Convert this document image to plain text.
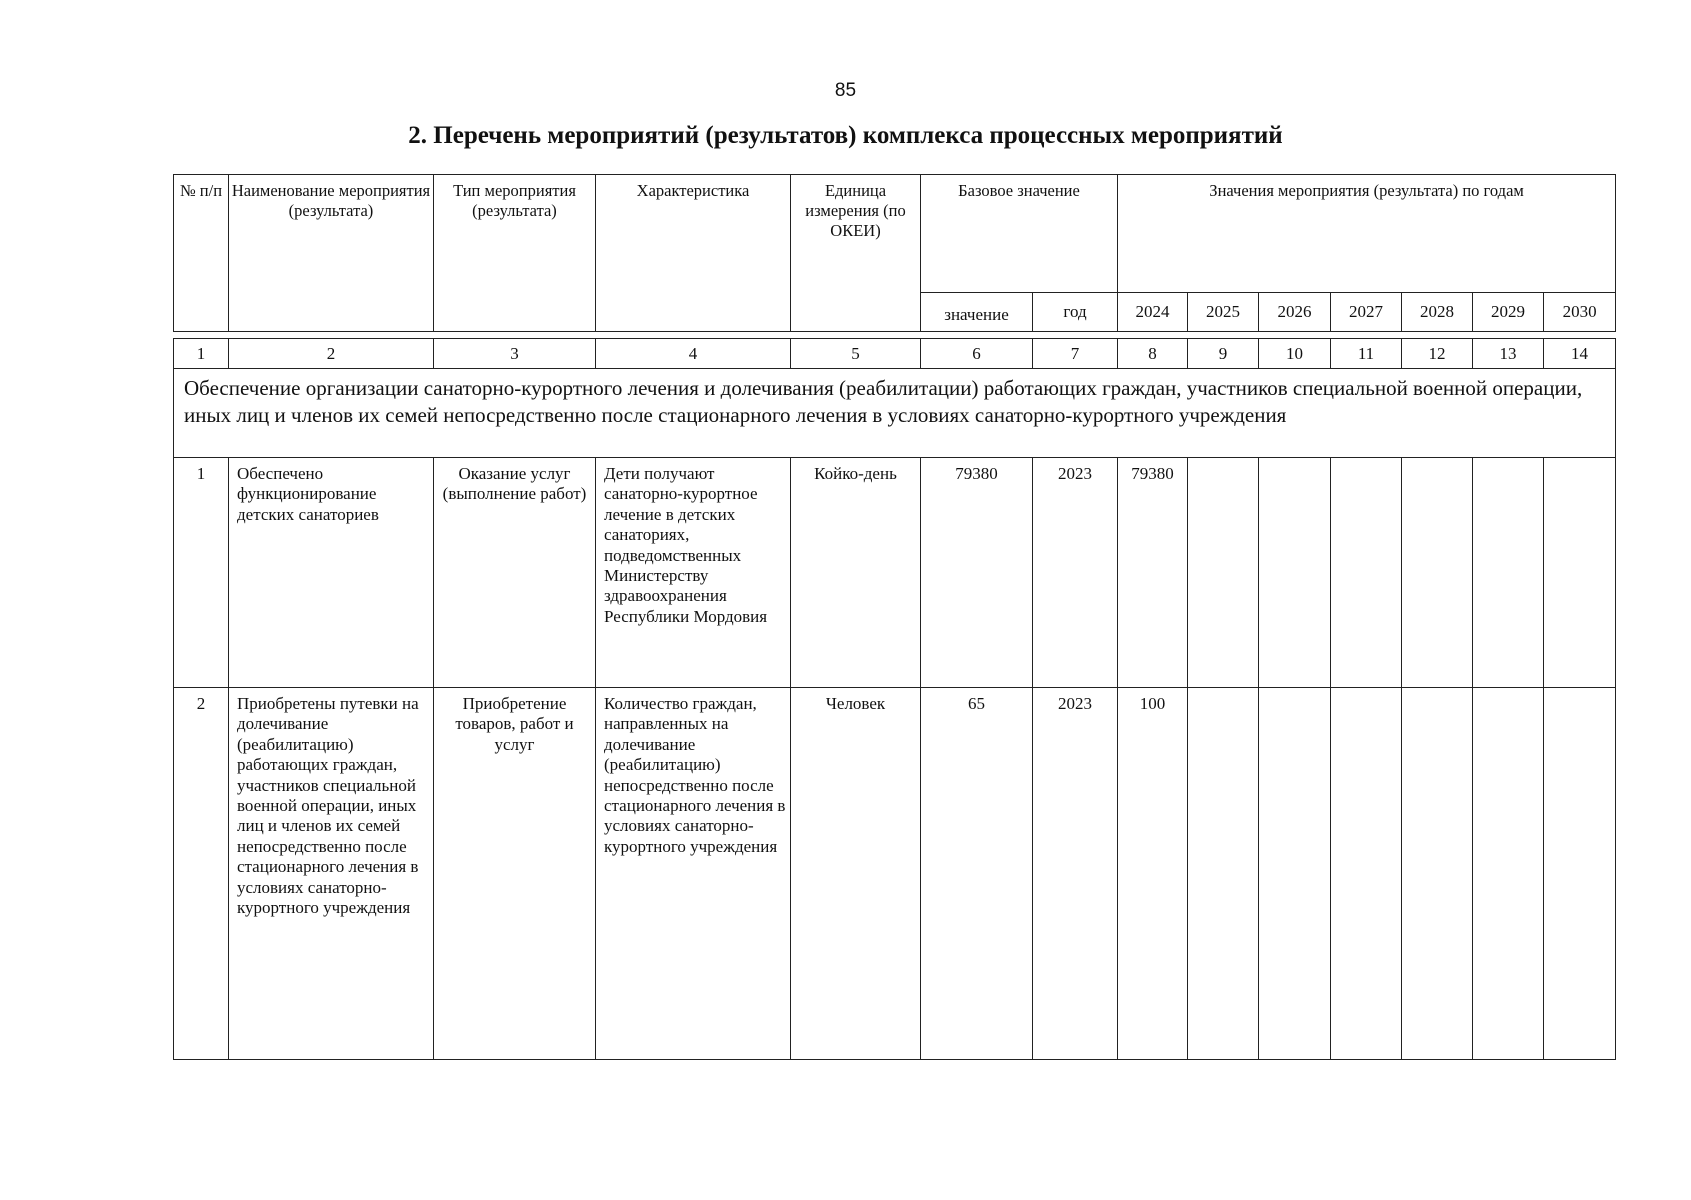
85
2. Перечень мероприятий (результатов) комплекса процессных мероприятий
№ п/п	Наименование мероприятия (результата)	Тип мероприятия (результата)	Характеристика	Единица измерения (по ОКЕИ)	Базовое значение		Значения мероприятия (результата) по годам						
					значение	год	2024	2025	2026	2027	2028	2029	2030
1	2	3	4	5	6	7	8	9	10	11	12	13	14
Обеспечение организации санаторно-курортного лечения и долечивания (реабилитации) работающих граждан, участников специальной военной операции, иных лиц и членов их семей непосредственно после стационарного лечения в условиях санаторно-курортного учреждения													
1	Обеспечено функционирование детских санаториев	Оказание услуг (выполнение работ)	Дети получают санаторно-курортное лечение в детских санаториях, подведомственных Министерству здравоохранения Республики Мордовия	Койко-день	79380	2023	79380						
2	Приобретены путевки на долечивание (реабилитацию) работающих граждан, участников специальной военной операции, иных лиц и членов их семей непосредственно после стационарного лечения в условиях санаторно-курортного учреждения	Приобретение товаров, работ и услуг	Количество граждан, направленных на долечивание (реабилитацию) непосредственно после стационарного лечения в условиях санаторно-курортного учреждения	Человек	65	2023	100						
